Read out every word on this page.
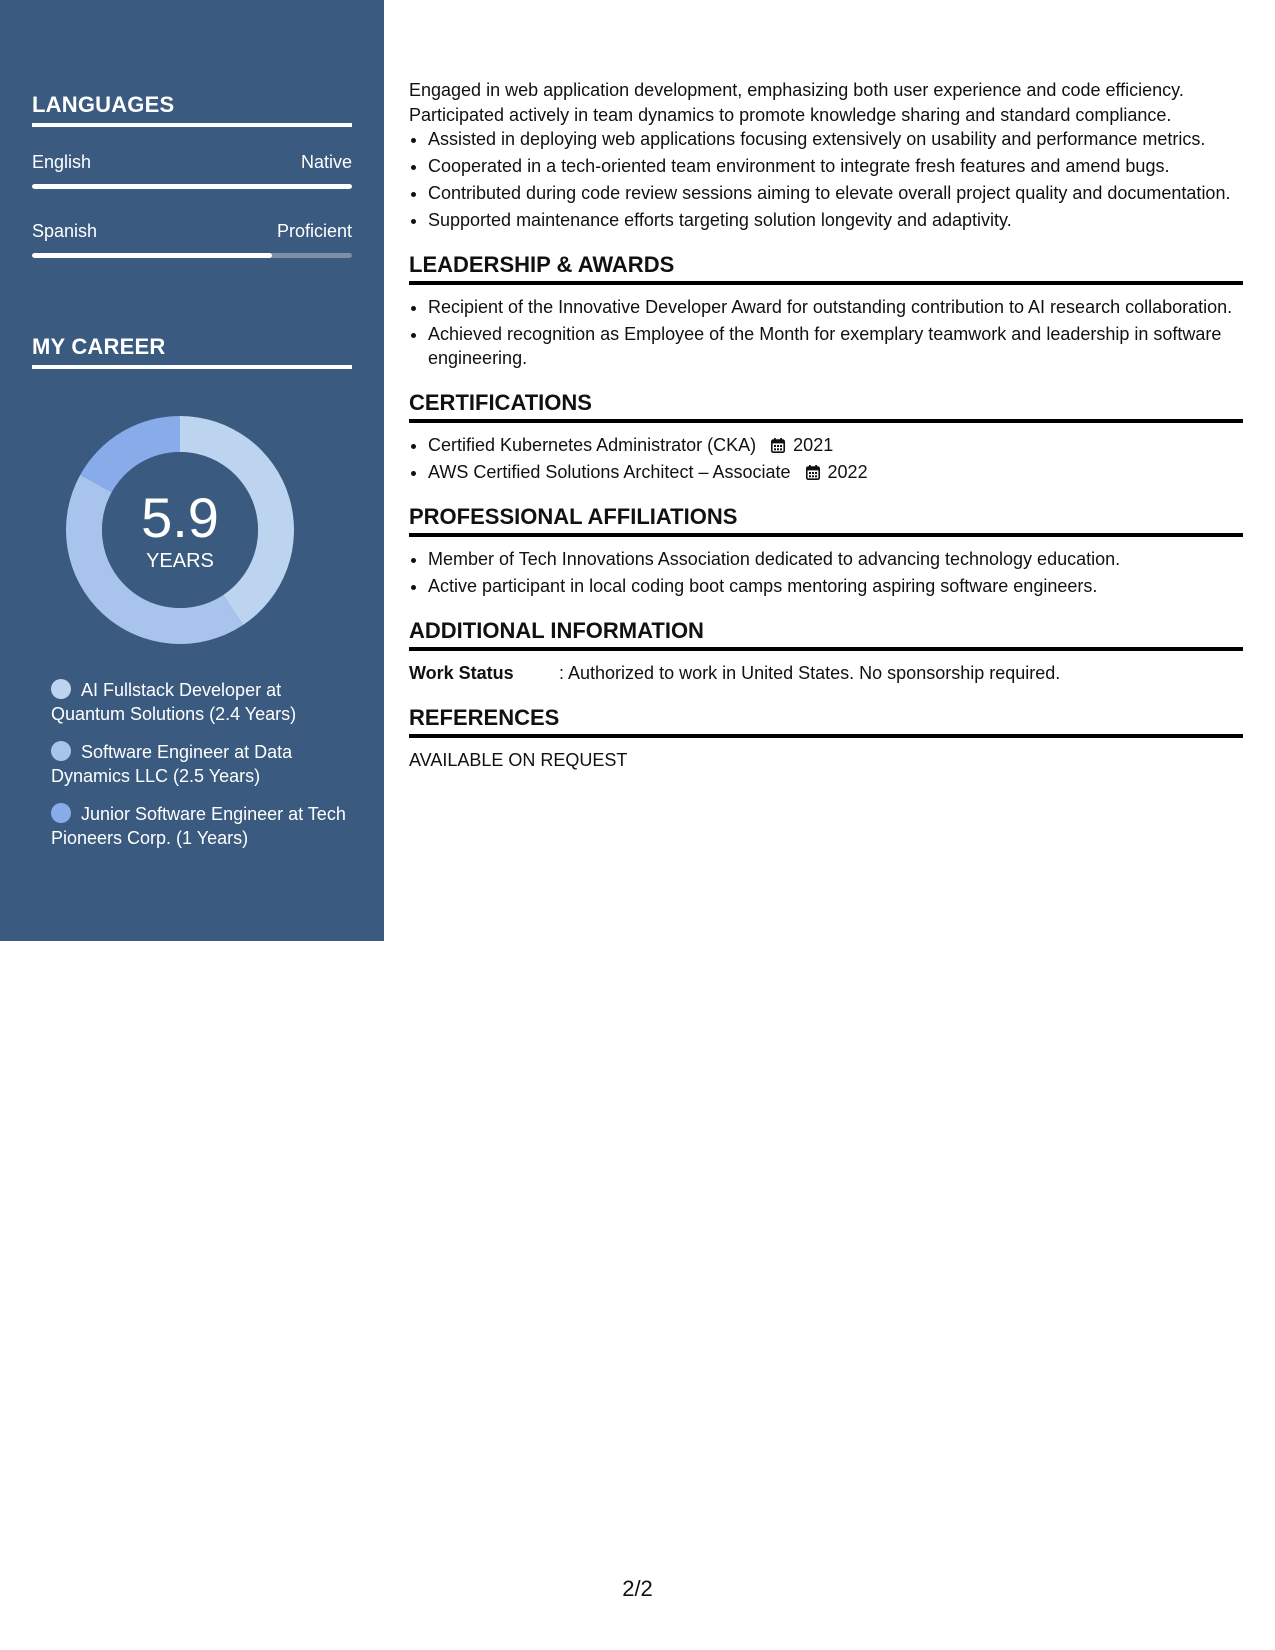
LANGUAGES
English	Native
Spanish	Proficient
MY CAREER
5.9
YEARS
AI Fullstack Developer at Quantum Solutions (2.4 Years)
Software Engineer at Data Dynamics LLC (2.5 Years)
Junior Software Engineer at Tech Pioneers Corp. (1 Years)

Engaged in web application development, emphasizing both user experience and code efficiency.

Participated actively in team dynamics to promote knowledge sharing and standard compliance.

• Assisted in deploying web applications focusing extensively on usability and performance metrics.
• Cooperated in a tech-oriented team environment to integrate fresh features and amend bugs.
• Contributed during code review sessions aiming to elevate overall project quality and documentation.
• Supported maintenance efforts targeting solution longevity and adaptivity.
LEADERSHIP & AWARDS
• Recipient of the Innovative Developer Award for outstanding contribution to AI research collaboration.
• Achieved recognition as Employee of the Month for exemplary teamwork and leadership in software engineering.
CERTIFICATIONS
• Certified Kubernetes Administrator (CKA) 2021
• AWS Certified Solutions Architect – Associate 2022
PROFESSIONAL AFFILIATIONS
• Member of Tech Innovations Association dedicated to advancing technology education.
• Active participant in local coding boot camps mentoring aspiring software engineers.
ADDITIONAL INFORMATION
Work Status	: Authorized to work in United States. No sponsorship required.
REFERENCES
AVAILABLE ON REQUEST
2/2
